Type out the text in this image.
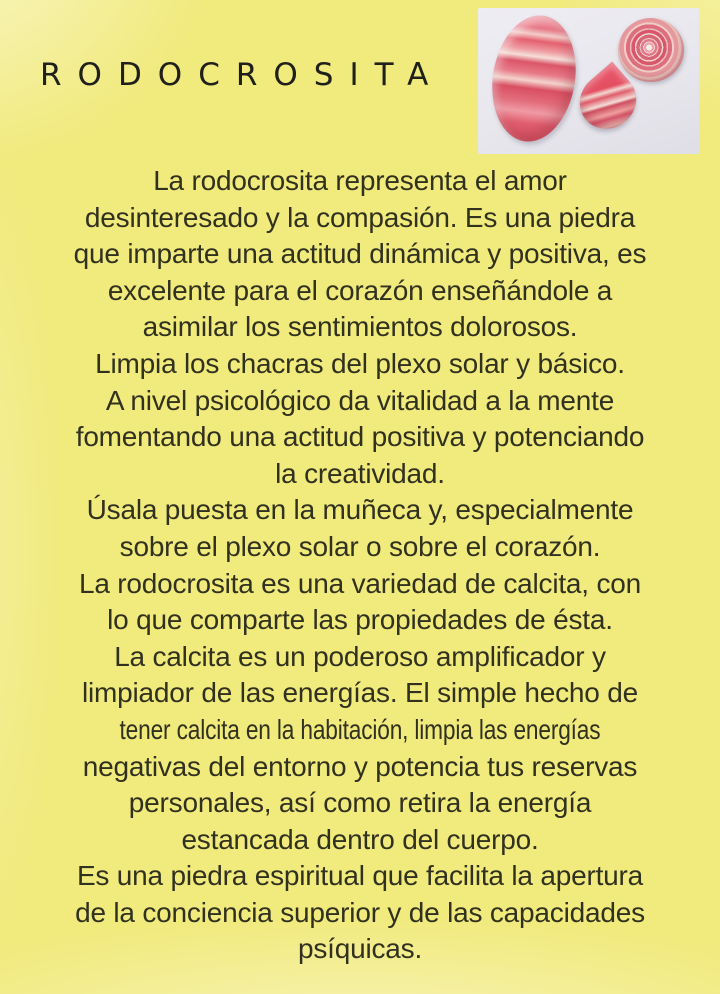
RODOCROSITA
La rodocrosita representa el amor
desinteresado y la compasión. Es una piedra
que imparte una actitud dinámica y positiva, es
excelente para el corazón enseñándole a
asimilar los sentimientos dolorosos.
Limpia los chacras del plexo solar y básico.
A nivel psicológico da vitalidad a la mente
fomentando una actitud positiva y potenciando
la creatividad.
Úsala puesta en la muñeca y, especialmente
sobre el plexo solar o sobre el corazón.
La rodocrosita es una variedad de calcita, con
lo que comparte las propiedades de ésta.
La calcita es un poderoso amplificador y
limpiador de las energías. El simple hecho de
tener calcita en la habitación, limpia las energías
negativas del entorno y potencia tus reservas
personales, así como retira la energía
estancada dentro del cuerpo.
Es una piedra espiritual que facilita la apertura
de la conciencia superior y de las capacidades
psíquicas.
